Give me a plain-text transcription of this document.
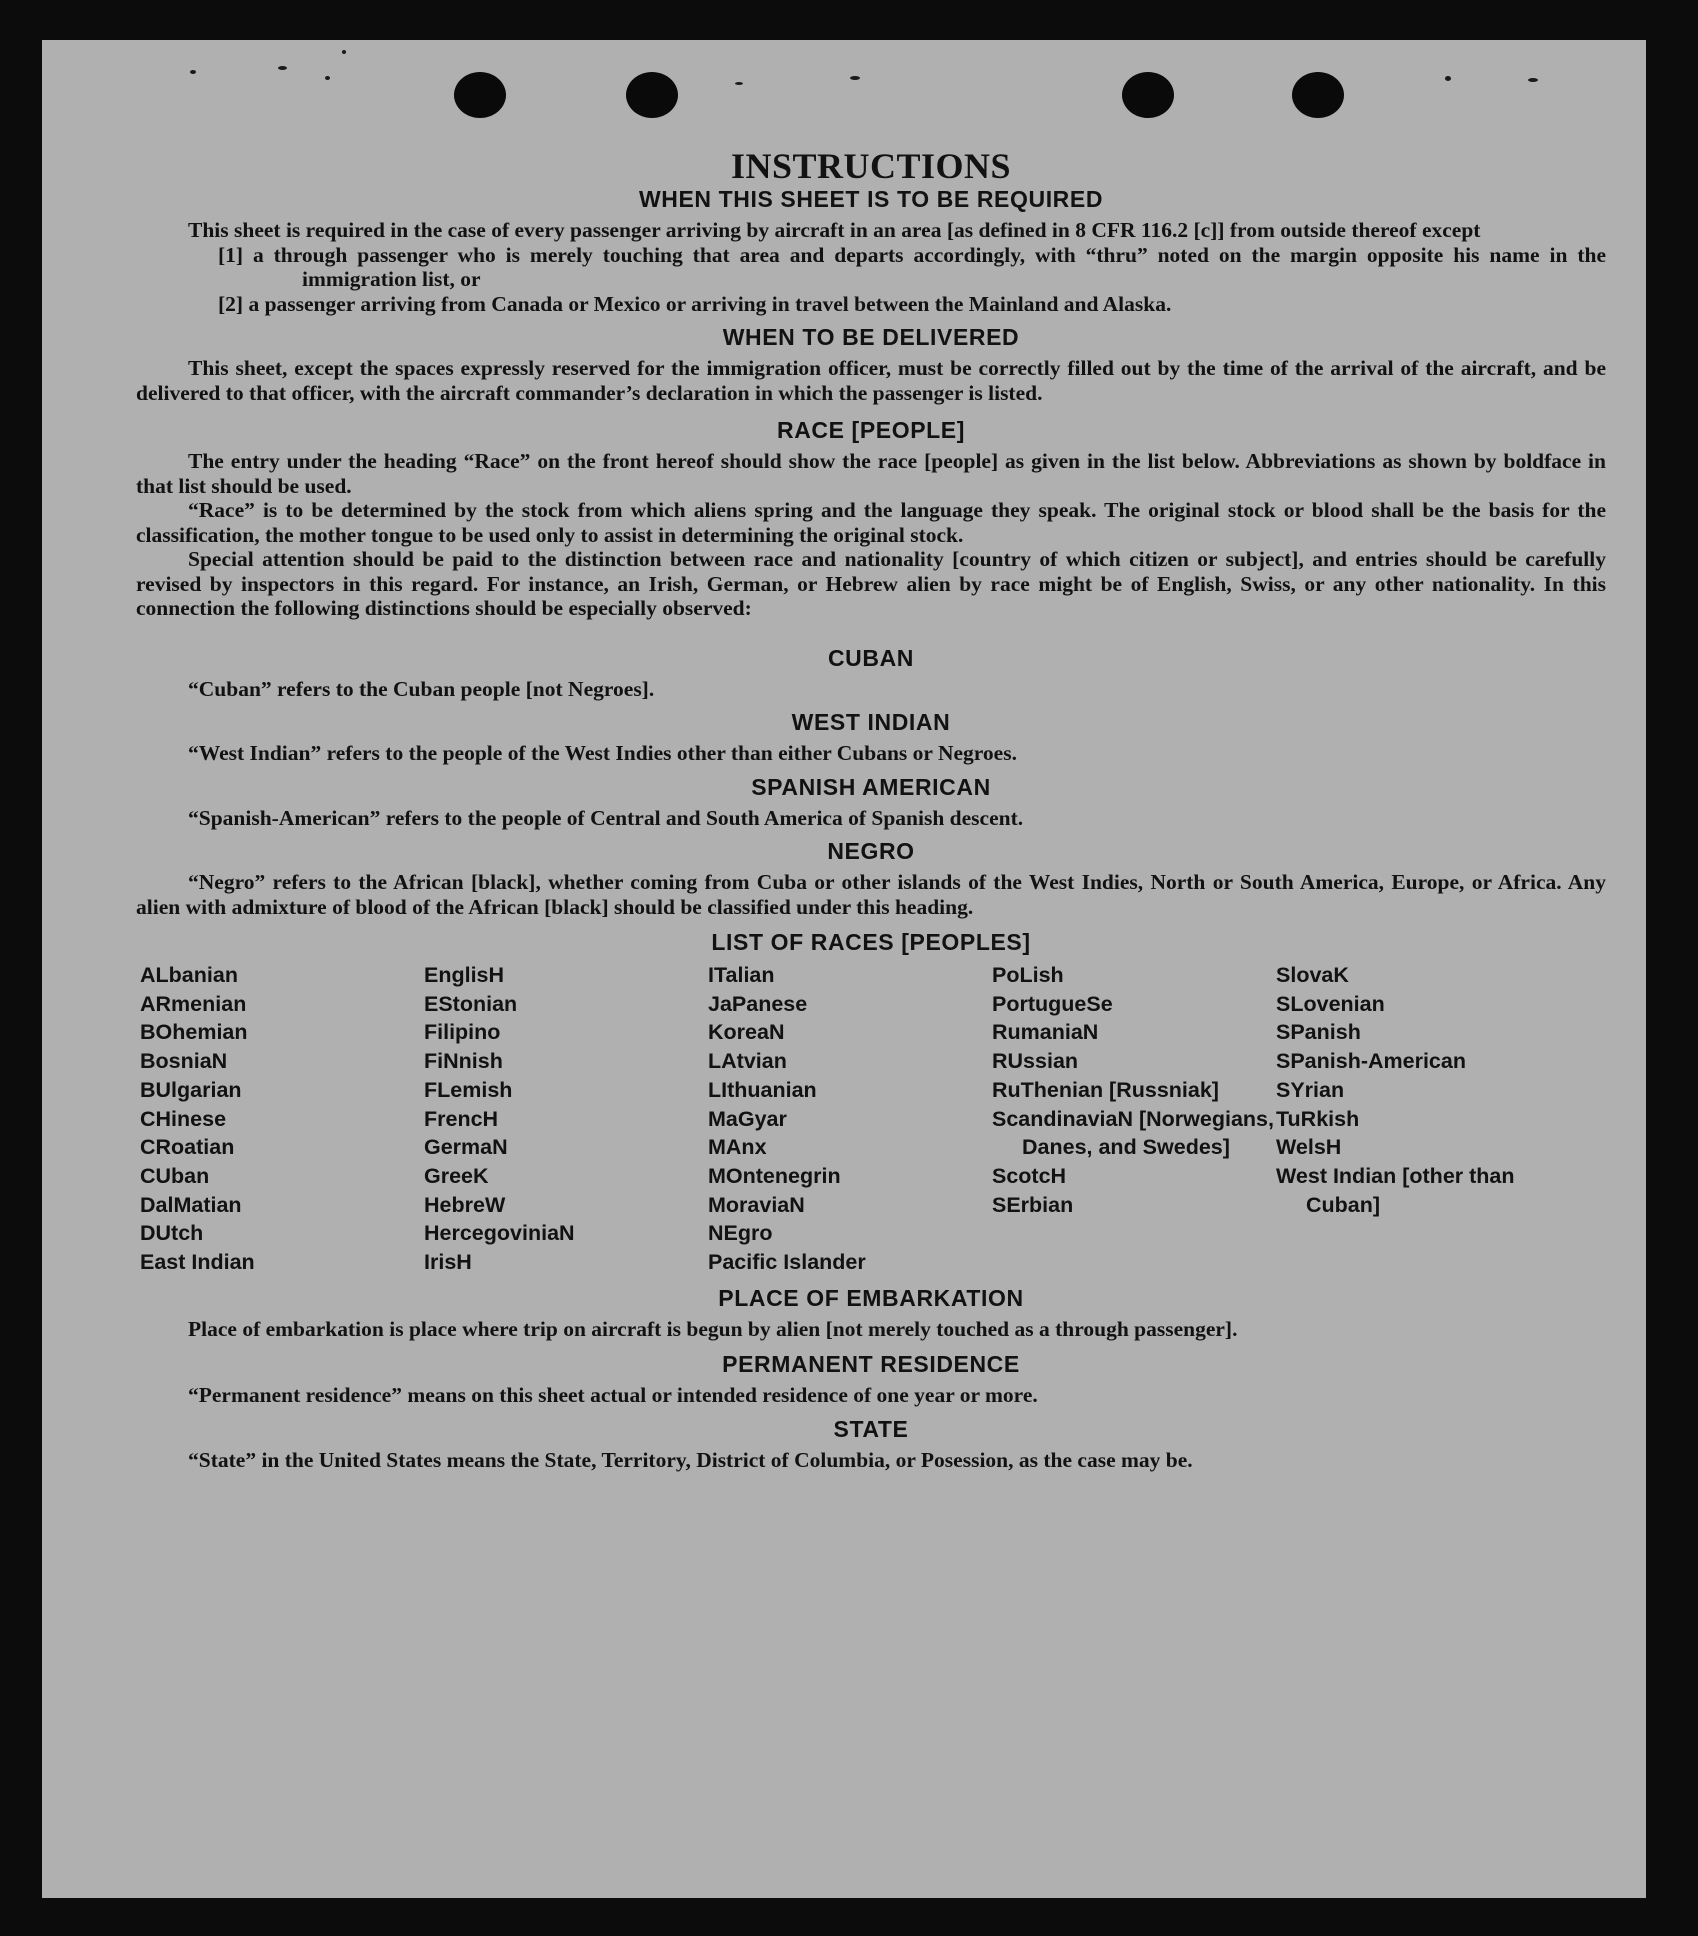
INSTRUCTIONS
WHEN THIS SHEET IS TO BE REQUIRED

This sheet is required in the case of every passenger arriving by aircraft in an area [as defined in 8 CFR 116.2 [c]] from outside thereof except

[1] a through passenger who is merely touching that area and departs accordingly, with “thru” noted on the margin opposite his name in the immigration list, or
[2] a passenger arriving from Canada or Mexico or arriving in travel between the Mainland and Alaska.
WHEN TO BE DELIVERED

This sheet, except the spaces expressly reserved for the immigration officer, must be correctly filled out by the time of the arrival of the aircraft, and be delivered to that officer, with the aircraft commander’s declaration in which the passenger is listed.

RACE [PEOPLE]

The entry under the heading “Race” on the front hereof should show the race [people] as given in the list below. Abbreviations as shown by boldface in that list should be used.

“Race” is to be determined by the stock from which aliens spring and the language they speak. The original stock or blood shall be the basis for the classification, the mother tongue to be used only to assist in determining the original stock.

Special attention should be paid to the distinction between race and nationality [country of which citizen or subject], and entries should be carefully revised by inspectors in this regard. For instance, an Irish, German, or Hebrew alien by race might be of English, Swiss, or any other nationality. In this connection the following distinctions should be especially observed:

CUBAN

“Cuban” refers to the Cuban people [not Negroes].

WEST INDIAN

“West Indian” refers to the people of the West Indies other than either Cubans or Negroes.

SPANISH AMERICAN

“Spanish-American” refers to the people of Central and South America of Spanish descent.

NEGRO

“Negro” refers to the African [black], whether coming from Cuba or other islands of the West Indies, North or South America, Europe, or Africa. Any alien with admixture of blood of the African [black] should be classified under this heading.

LIST OF RACES [PEOPLES]
ALbanian
ARmenian
BOhemian
BosniaN
BUlgarian
CHinese
CRoatian
CUban
DalMatian
DUtch
East Indian
EnglisH
EStonian
Filipino
FiNnish
FLemish
FrencH
GermaN
GreeK
HebreW
HercegoviniaN
IrisH
ITalian
JaPanese
KoreaN
LAtvian
LIthuanian
MaGyar
MAnx
MOntenegrin
MoraviaN
NEgro
Pacific Islander
PoLish
PortugueSe
RumaniaN
RUssian
RuThenian [Russniak]
ScandinaviaN [Norwegians, Danes, and Swedes]
ScotcH
SErbian
SlovaK
SLovenian
SPanish
SPanish-American
SYrian
TuRkish
WelsH
West Indian [other than Cuban]
PLACE OF EMBARKATION

Place of embarkation is place where trip on aircraft is begun by alien [not merely touched as a through passenger].

PERMANENT RESIDENCE

“Permanent residence” means on this sheet actual or intended residence of one year or more.

STATE

“State” in the United States means the State, Territory, District of Columbia, or Posession, as the case may be.
